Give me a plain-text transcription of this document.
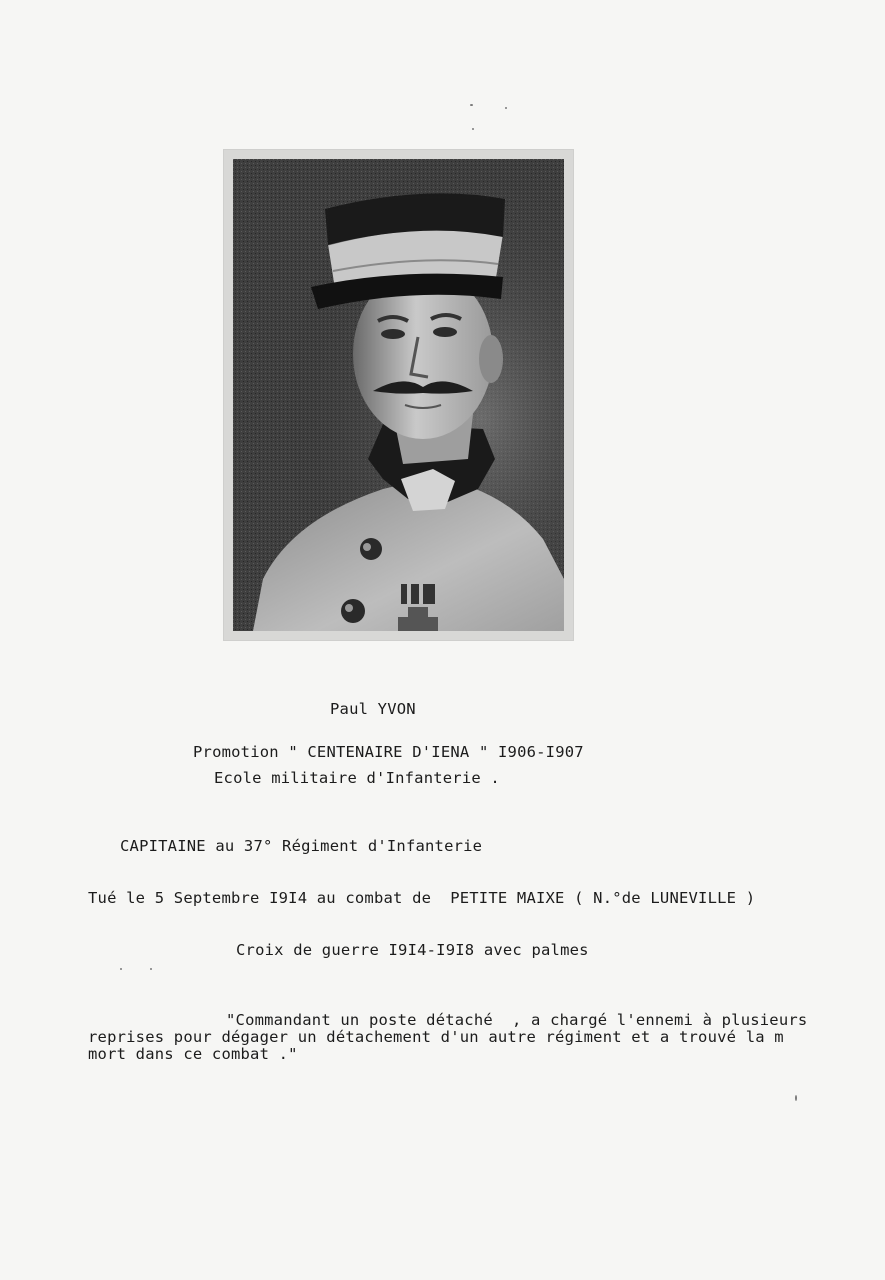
Paul YVON
Promotion " CENTENAIRE D'IENA " I906-I907
Ecole militaire d'Infanterie .
CAPITAINE au 37° Régiment d'Infanterie
Tué le 5 Septembre I9I4 au combat de  PETITE MAIXE ( N.°de LUNEVILLE )
Croix de guerre I9I4-I9I8 avec palmes
"Commandant un poste détaché  , a chargé l'ennemi à plusieurs
reprises pour dégager un détachement d'un autre régiment et a trouvé la m
mort dans ce combat ."
